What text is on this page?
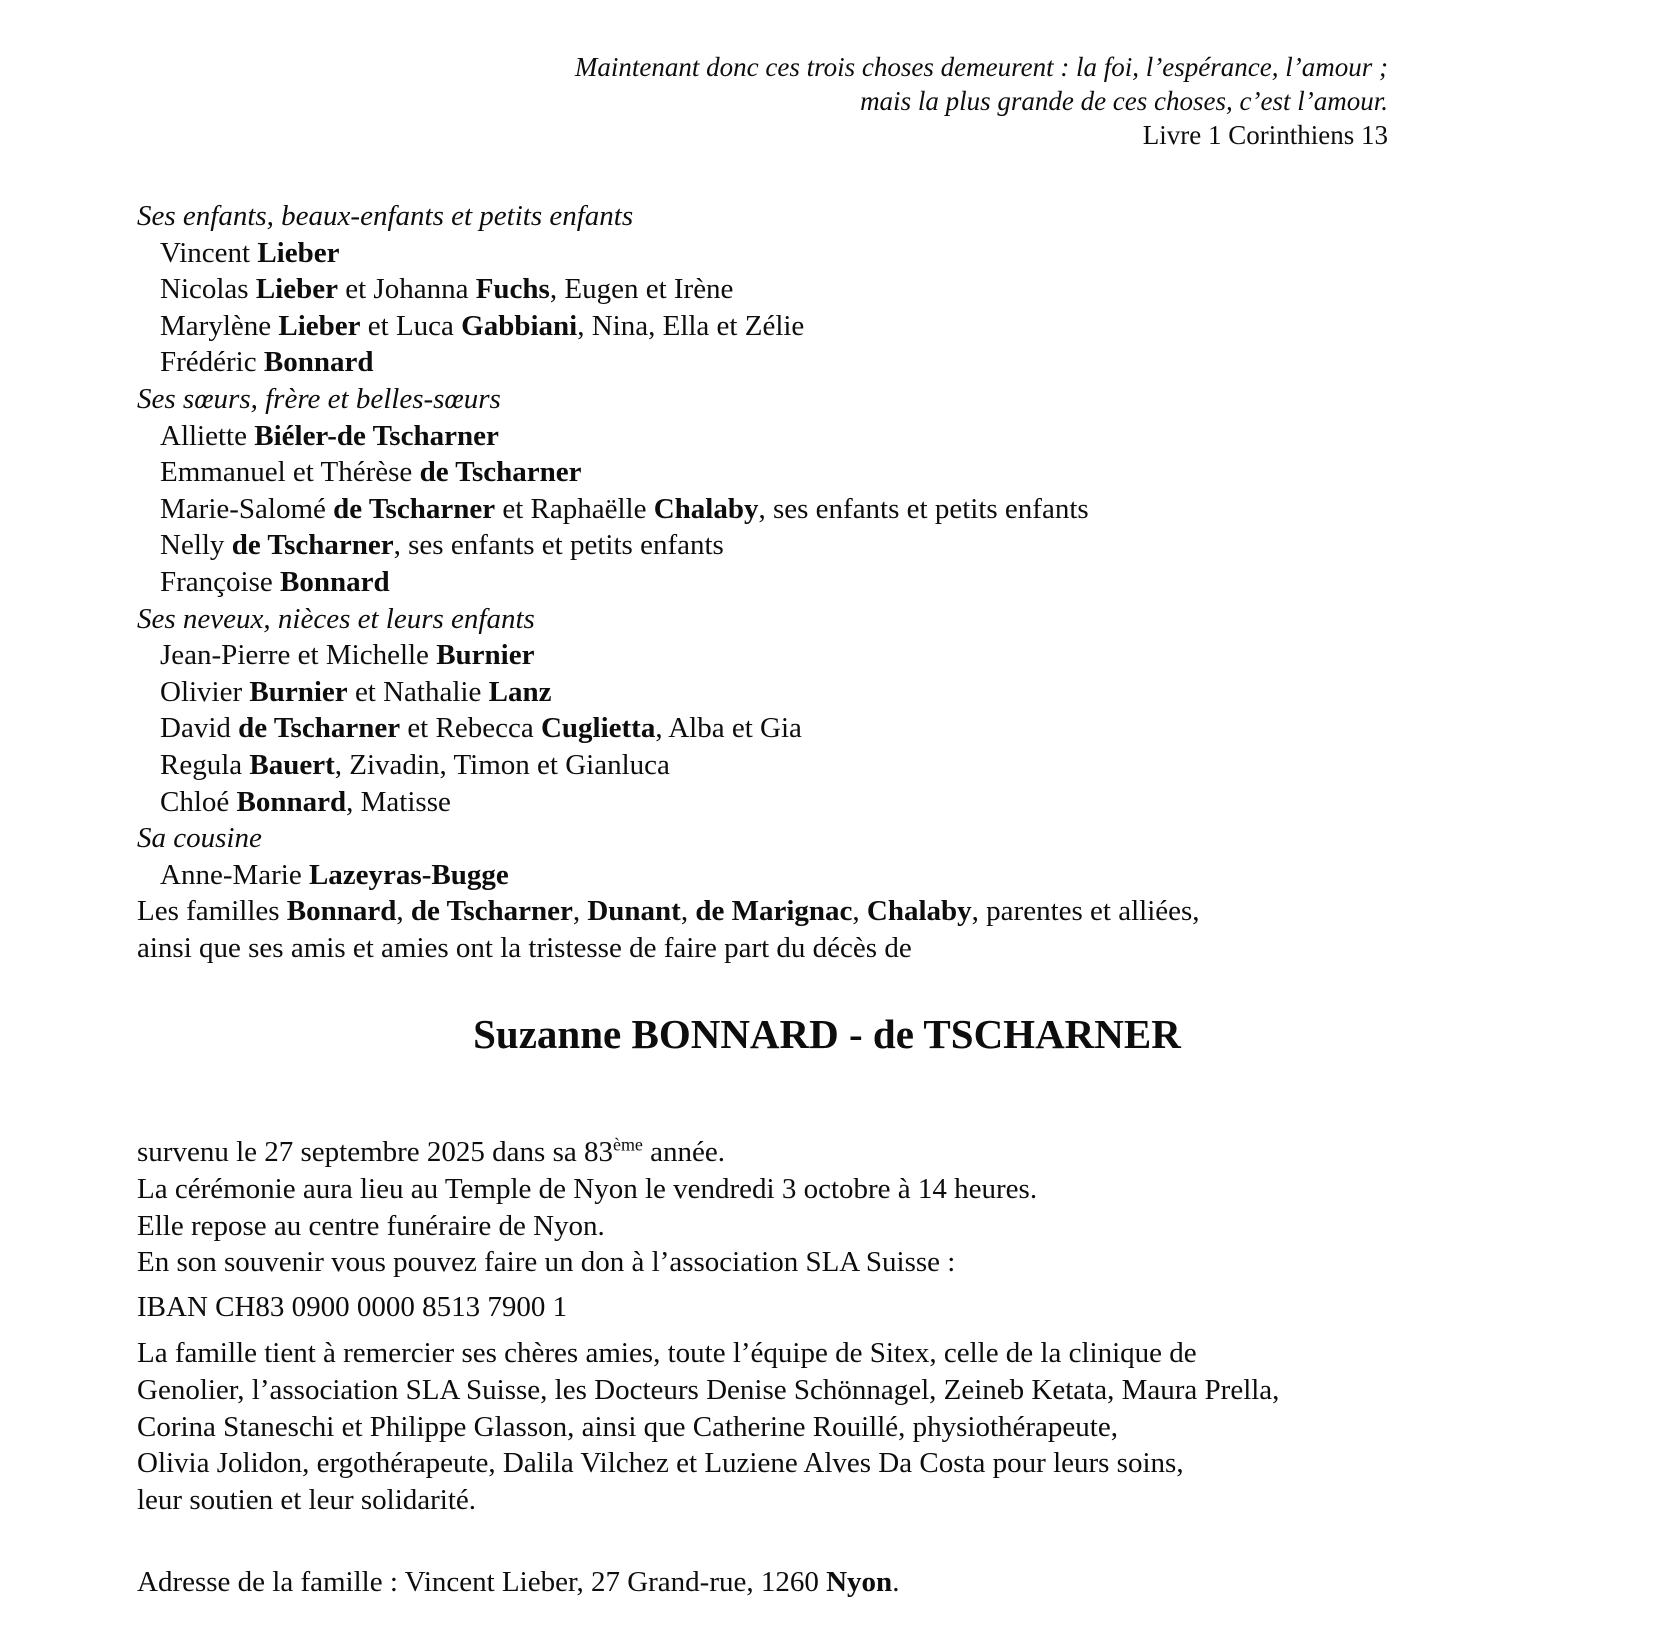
Maintenant donc ces trois choses demeurent : la foi, l’espérance, l’amour ;
mais la plus grande de ces choses, c’est l’amour.
Livre 1 Corinthiens 13
Ses enfants, beaux-enfants et petits enfants
Vincent Lieber
Nicolas Lieber et Johanna Fuchs, Eugen et Irène
Marylène Lieber et Luca Gabbiani, Nina, Ella et Zélie
Frédéric Bonnard
Ses sœurs, frère et belles-sœurs
Alliette Biéler-de Tscharner
Emmanuel et Thérèse de Tscharner
Marie-Salomé de Tscharner et Raphaëlle Chalaby, ses enfants et petits enfants
Nelly de Tscharner, ses enfants et petits enfants
Françoise Bonnard
Ses neveux, nièces et leurs enfants
Jean-Pierre et Michelle Burnier
Olivier Burnier et Nathalie Lanz
David de Tscharner et Rebecca Cuglietta, Alba et Gia
Regula Bauert, Zivadin, Timon et Gianluca
Chloé Bonnard, Matisse
Sa cousine
Anne-Marie Lazeyras-Bugge
Les familles Bonnard, de Tscharner, Dunant, de Marignac, Chalaby, parentes et alliées,
ainsi que ses amis et amies ont la tristesse de faire part du décès de
Suzanne BONNARD - de TSCHARNER
survenu le 27 septembre 2025 dans sa 83ème année.
La cérémonie aura lieu au Temple de Nyon le vendredi 3 octobre à 14 heures.
Elle repose au centre funéraire de Nyon.
En son souvenir vous pouvez faire un don à l’association SLA Suisse :
IBAN CH83 0900 0000 8513 7900 1
La famille tient à remercier ses chères amies, toute l’équipe de Sitex, celle de la clinique de
Genolier, l’association SLA Suisse, les Docteurs Denise Schönnagel, Zeineb Ketata, Maura Prella,
Corina Staneschi et Philippe Glasson, ainsi que Catherine Rouillé, physiothérapeute,
Olivia Jolidon, ergothérapeute, Dalila Vilchez et Luziene Alves Da Costa pour leurs soins,
leur soutien et leur solidarité.
Adresse de la famille : Vincent Lieber, 27 Grand-rue, 1260 Nyon.
